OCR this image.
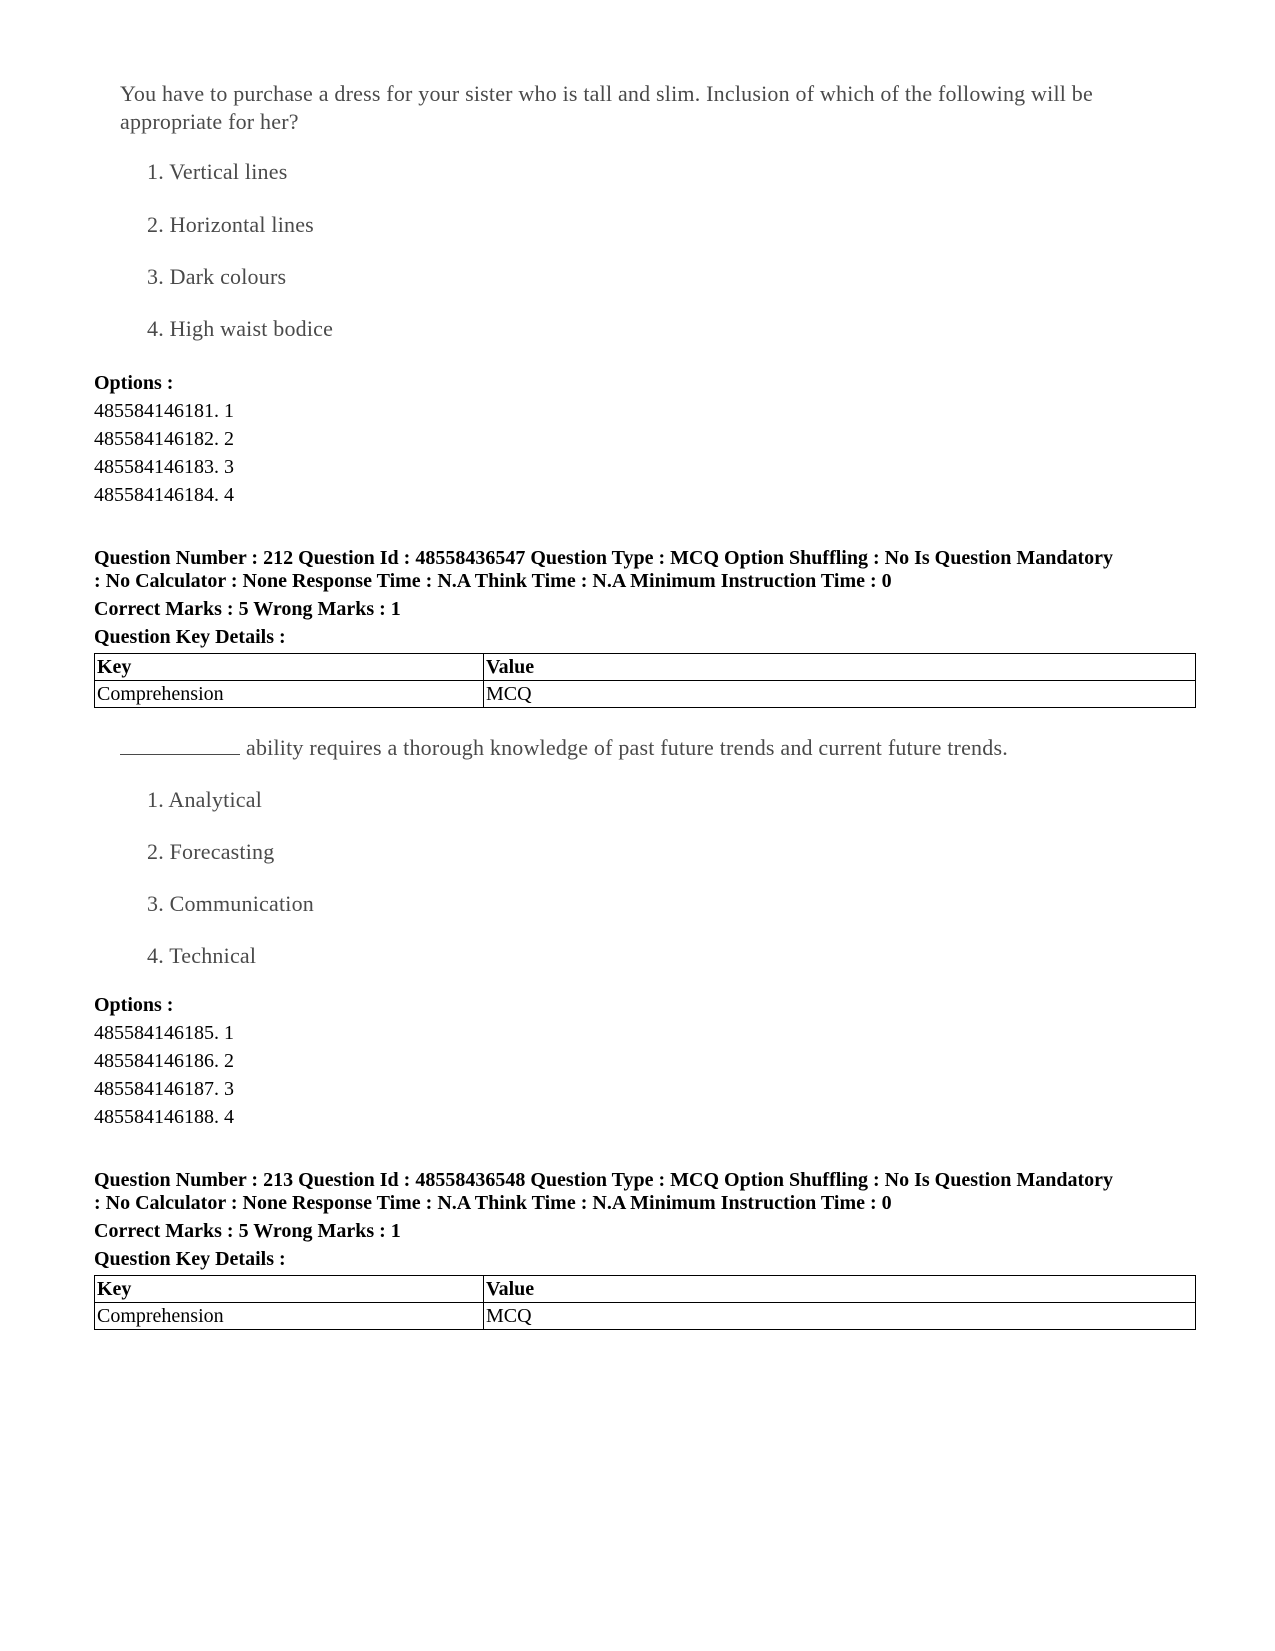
You have to purchase a dress for your sister who is tall and slim. Inclusion of which of the following will be appropriate for her?
1. Vertical lines
2. Horizontal lines
3. Dark colours
4. High waist bodice
Options :
485584146181. 1
485584146182. 2
485584146183. 3
485584146184. 4
Question Number : 212 Question Id : 48558436547 Question Type : MCQ Option Shuffling : No Is Question Mandatory
: No Calculator : None Response Time : N.A Think Time : N.A Minimum Instruction Time : 0
Correct Marks : 5 Wrong Marks : 1
Question Key Details :
Key	Value
Comprehension	MCQ
ability requires a thorough knowledge of past future trends and current future trends.
1. Analytical
2. Forecasting
3. Communication
4. Technical
Options :
485584146185. 1
485584146186. 2
485584146187. 3
485584146188. 4
Question Number : 213 Question Id : 48558436548 Question Type : MCQ Option Shuffling : No Is Question Mandatory
: No Calculator : None Response Time : N.A Think Time : N.A Minimum Instruction Time : 0
Correct Marks : 5 Wrong Marks : 1
Question Key Details :
Key	Value
Comprehension	MCQ
